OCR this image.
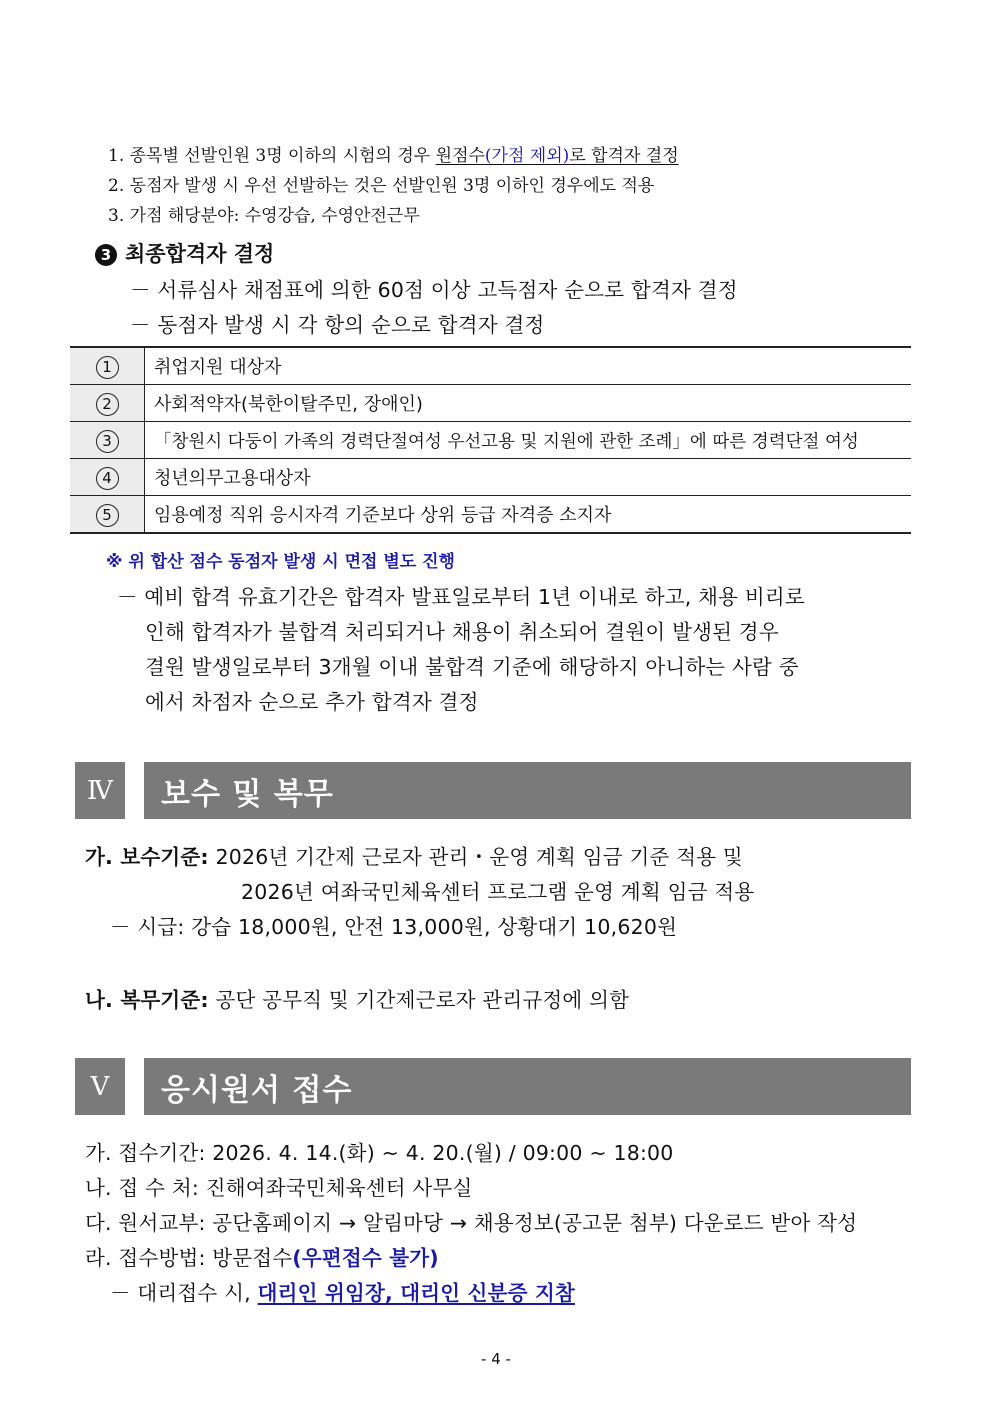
1. 종목별 선발인원 3명 이하의 시험의 경우 원점수(가점 제외)로 합격자 결정
2. 동점자 발생 시 우선 선발하는 것은 선발인원 3명 이하인 경우에도 적용
3. 가점 해당분야: 수영강습, 수영안전근무
3 최종합격자 결정
－ 서류심사 채점표에 의한 60점 이상 고득점자 순으로 합격자 결정
－ 동점자 발생 시 각 항의 순으로 합격자 결정
1	취업지원 대상자
2	사회적약자(북한이탈주민, 장애인)
3	「창원시 다둥이 가족의 경력단절여성 우선고용 및 지원에 관한 조례」에 따른 경력단절 여성
4	청년의무고용대상자
5	임용예정 직위 응시자격 기준보다 상위 등급 자격증 소지자
※ 위 합산 점수 동점자 발생 시 면접 별도 진행
－ 예비 합격 유효기간은 합격자 발표일로부터 1년 이내로 하고, 채용 비리로
인해 합격자가 불합격 처리되거나 채용이 취소되어 결원이 발생된 경우
결원 발생일로부터 3개월 이내 불합격 기준에 해당하지 아니하는 사람 중
에서 차점자 순으로 추가 합격자 결정
Ⅳ	보수 및 복무
가. 보수기준: 2026년 기간제 근로자 관리・운영 계획 임금 기준 적용 및
2026년 여좌국민체육센터 프로그램 운영 계획 임금 적용
－ 시급: 강습 18,000원, 안전 13,000원, 상황대기 10,620원
나. 복무기준: 공단 공무직 및 기간제근로자 관리규정에 의함
Ⅴ	응시원서 접수
가. 접수기간: 2026. 4. 14.(화) ~ 4. 20.(월) / 09:00 ~ 18:00
나. 접 수 처: 진해여좌국민체육센터 사무실
다. 원서교부: 공단홈페이지 → 알림마당 → 채용정보(공고문 첨부) 다운로드 받아 작성
라. 접수방법: 방문접수(우편접수 불가)
－ 대리접수 시, 대리인 위임장, 대리인 신분증 지참
- 4 -
